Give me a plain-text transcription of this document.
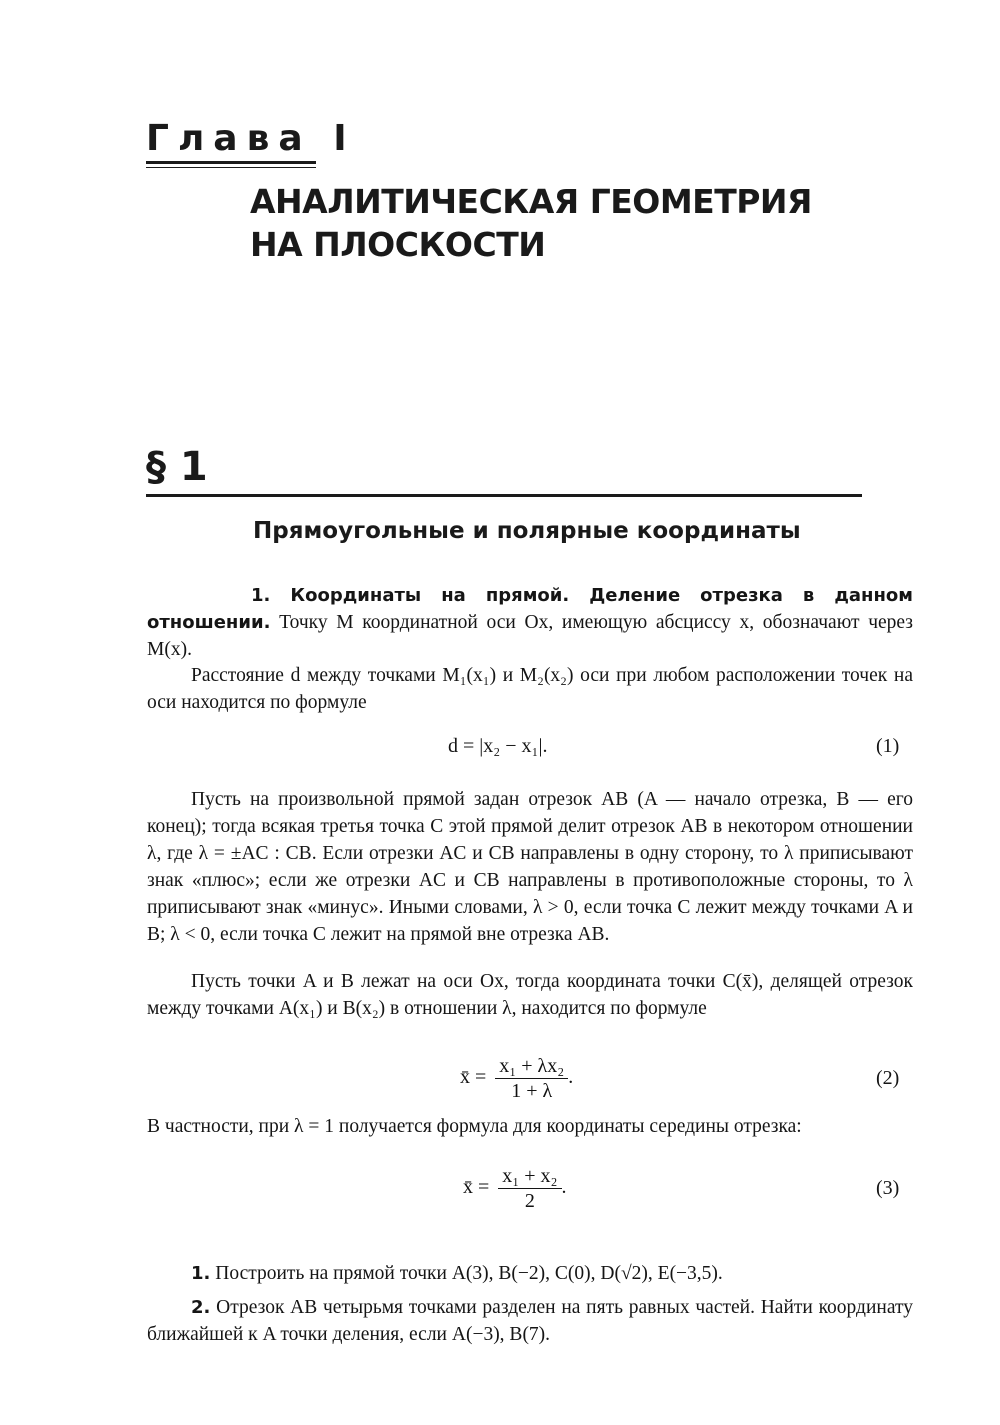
Глава I
АНАЛИТИЧЕСКАЯ ГЕОМЕТРИЯ
НА ПЛОСКОСТИ
§ 1
Прямоугольные и полярные координаты
1. Координаты на прямой. Деление отрезка в данном отношении. Точку M координатной оси Ox, имеющую абсциссу x, обозначают через M(x).
Расстояние d между точками M₁(x₁) и M₂(x₂) оси при любом расположении точек на оси находится по формуле
d = |x₂ − x₁|.	(1)
Пусть на произвольной прямой задан отрезок AB (A — начало отрезка, B — его конец); тогда всякая третья точка C этой прямой делит отрезок AB в некотором отношении λ, где λ = ±AC : CB. Если отрезки AC и CB направлены в одну сторону, то λ приписывают знак «плюс»; если же отрезки AC и CB направлены в противоположные стороны, то λ приписывают знак «минус». Иными словами, λ > 0, если точка C лежит между точками A и B; λ < 0, если точка C лежит на прямой вне отрезка AB.
Пусть точки A и B лежат на оси Ox, тогда координата точки C(x̄), делящей отрезок между точками A(x₁) и B(x₂) в отношении λ, находится по формуле
x̄ = $\frac{\text{x₁ + λx₂}}{1 + \lambda}$ .	(2)
В частности, при λ = 1 получается формула для координаты середины отрезка:
x̄ = $\frac{\text{x₁ + x₂}}{2}$ .	(3)
1. Построить на прямой точки A(3), B(−2), C(0), D(√2), E(−3,5).
2. Отрезок AB четырьмя точками разделен на пять равных частей. Найти координату ближайшей к A точки деления, если A(−3), B(7).
